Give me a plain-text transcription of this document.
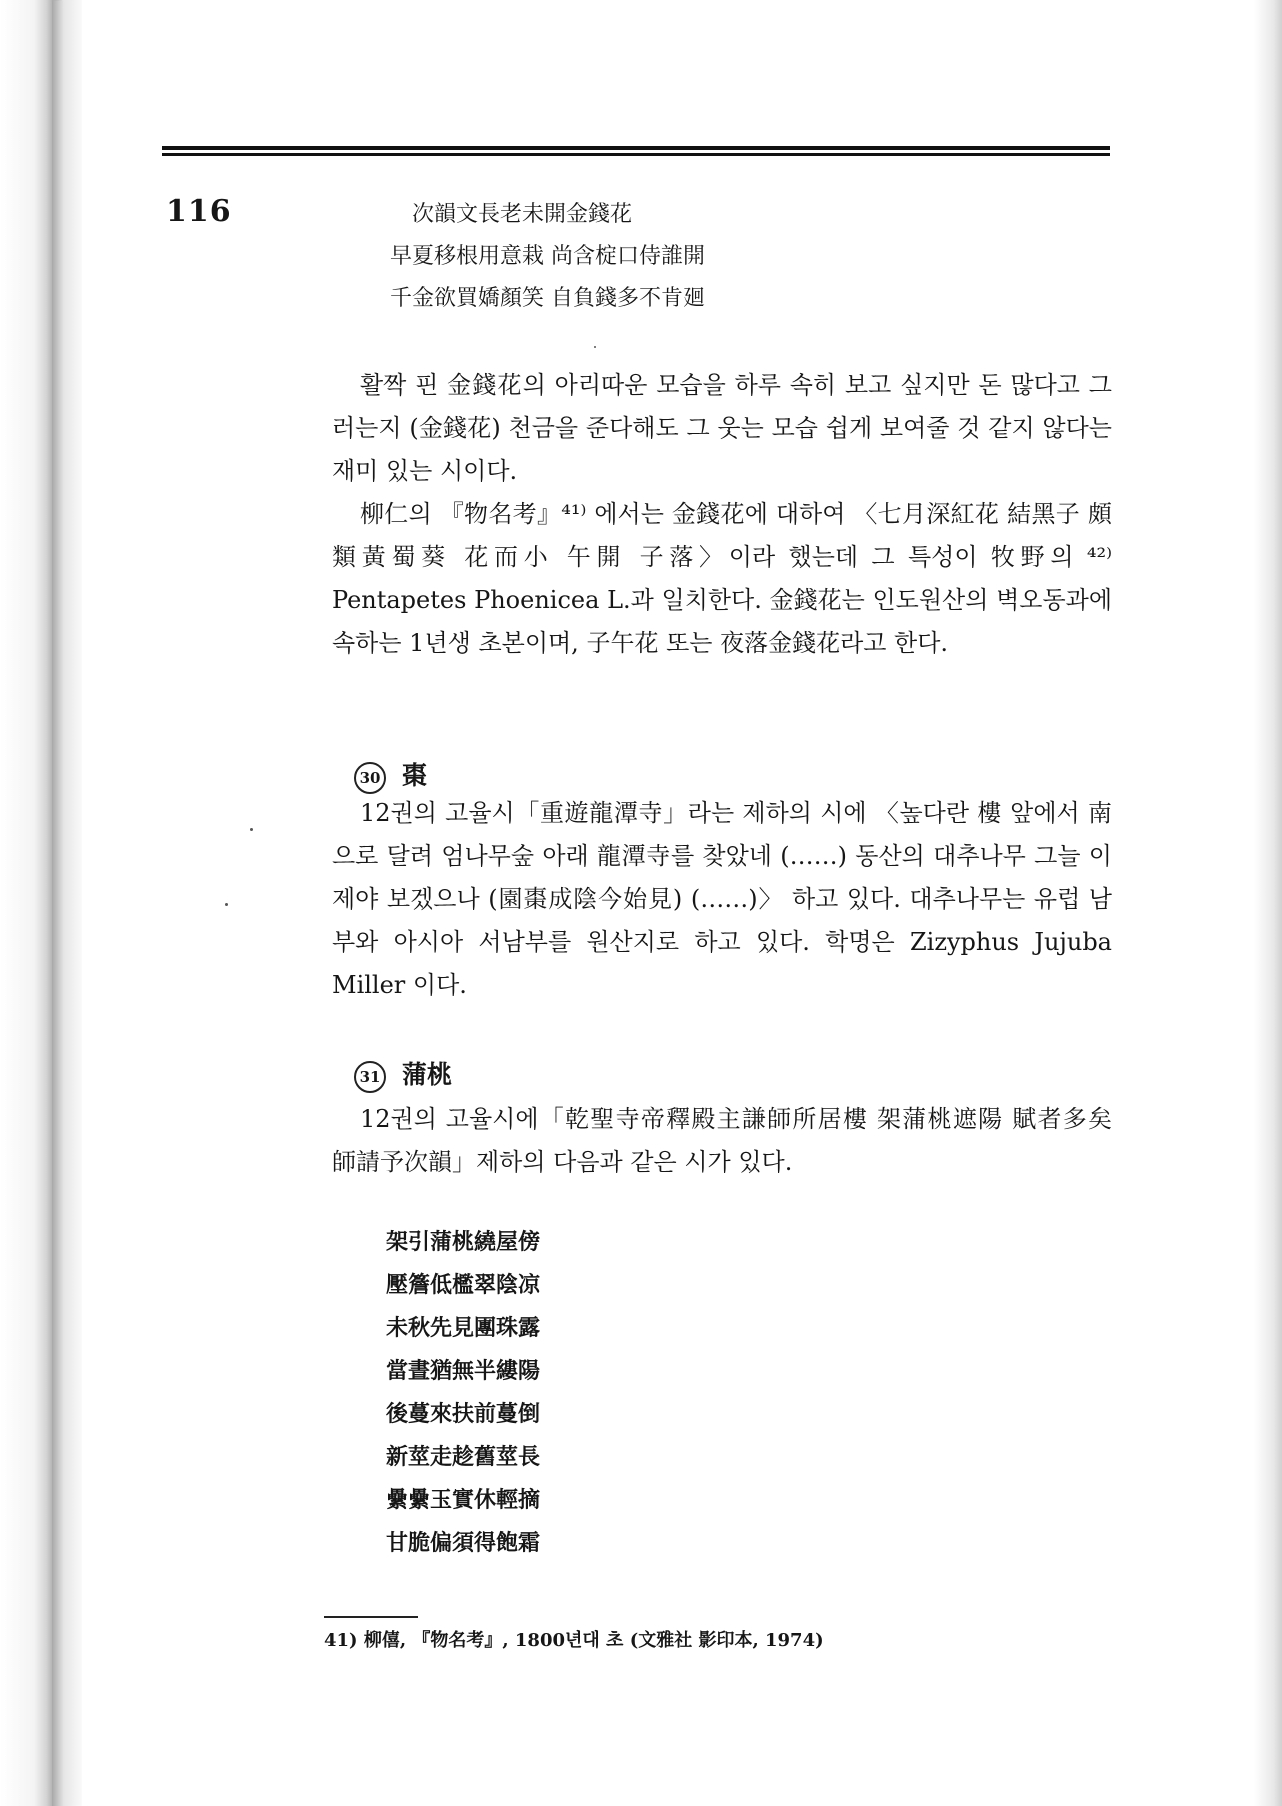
116	次韻文長老未開金錢花
早夏移根用意栽 尚含椗口侍誰開
千金欲買嬌顏笑 自負錢多不肯廻

활짝 핀 金錢花의 아리따운 모습을 하루 속히 보고 싶지만 돈 많다고 그러는지 (金錢花) 천금을 준다해도 그 웃는 모습 쉽게 보여줄 것 같지 않다는 재미 있는 시이다.

柳仁의 『物名考』⁴¹⁾ 에서는 金錢花에 대하여 〈七月深紅花 結黑子 頗類黃蜀葵 花而小 午開 子落〉이라 했는데 그 특성이 牧野의 ⁴²⁾ Pentapetes Phoenicea L.과 일치한다. 金錢花는 인도원산의 벽오동과에 속하는 1년생 초본이며, 子午花 또는 夜落金錢花라고 한다.

30 棗

12권의 고율시「重遊龍潭寺」라는 제하의 시에 〈높다란 樓 앞에서 南으로 달려 엄나무숲 아래 龍潭寺를 찾았네 (……) 동산의 대추나무 그늘 이제야 보겠으나 (園棗成陰今始見) (……)〉 하고 있다. 대추나무는 유럽 남부와 아시아 서남부를 원산지로 하고 있다. 학명은 Zizyphus Jujuba Miller 이다.

31 蒲桃

12권의 고율시에「乾聖寺帝釋殿主謙師所居樓 架蒲桃遮陽 賦者多矣 師請予次韻」제하의 다음과 같은 시가 있다.

架引蒲桃繞屋傍
壓簷低檻翠陰凉
未秋先見團珠露
當晝猶無半縷陽
後蔓來扶前蔓倒
新莖走趁舊莖長
纍纍玉實休輕摘
甘脆偏須得飽霜
41) 柳僖, 『物名考』, 1800년대 초 (文雅社 影印本, 1974)
